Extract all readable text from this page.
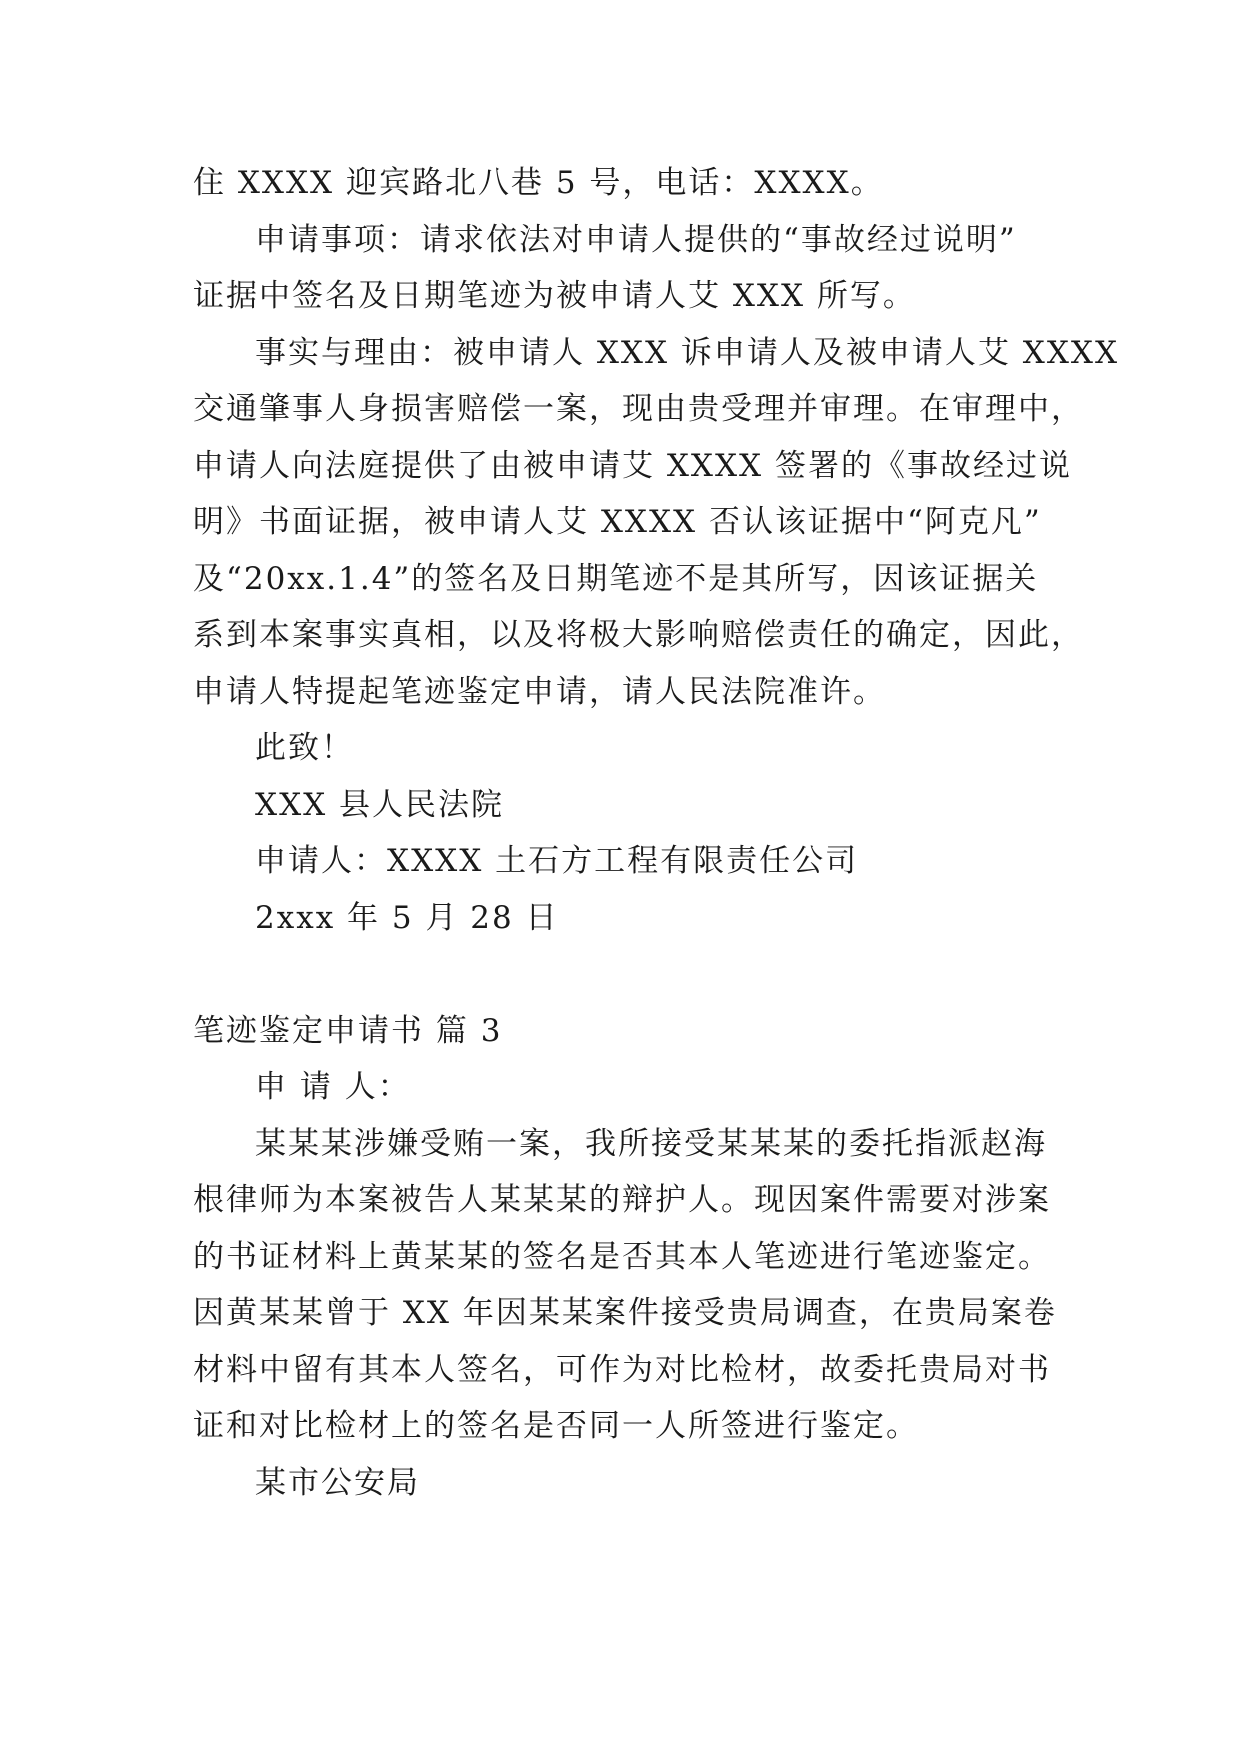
住 XXXX 迎宾路北八巷 5 号，电话：XXXX。
申请事项：请求依法对申请人提供的“事故经过说明”
证据中签名及日期笔迹为被申请人艾 XXX 所写。
事实与理由：被申请人 XXX 诉申请人及被申请人艾 XXXX
交通肇事人身损害赔偿一案，现由贵受理并审理。在审理中，
申请人向法庭提供了由被申请艾 XXXX 签署的《事故经过说
明》书面证据，被申请人艾 XXXX 否认该证据中“阿克凡”
及“20xx.1.4”的签名及日期笔迹不是其所写，因该证据关
系到本案事实真相，以及将极大影响赔偿责任的确定，因此，
申请人特提起笔迹鉴定申请，请人民法院准许。
此致！
XXX 县人民法院
申请人：XXXX 土石方工程有限责任公司
2xxx 年 5 月 28 日
笔迹鉴定申请书 篇 3
申 请 人：
某某某涉嫌受贿一案，我所接受某某某的委托指派赵海
根律师为本案被告人某某某的辩护人。现因案件需要对涉案
的书证材料上黄某某的签名是否其本人笔迹进行笔迹鉴定。
因黄某某曾于 XX 年因某某案件接受贵局调查，在贵局案卷
材料中留有其本人签名，可作为对比检材，故委托贵局对书
证和对比检材上的签名是否同一人所签进行鉴定。
某市公安局
